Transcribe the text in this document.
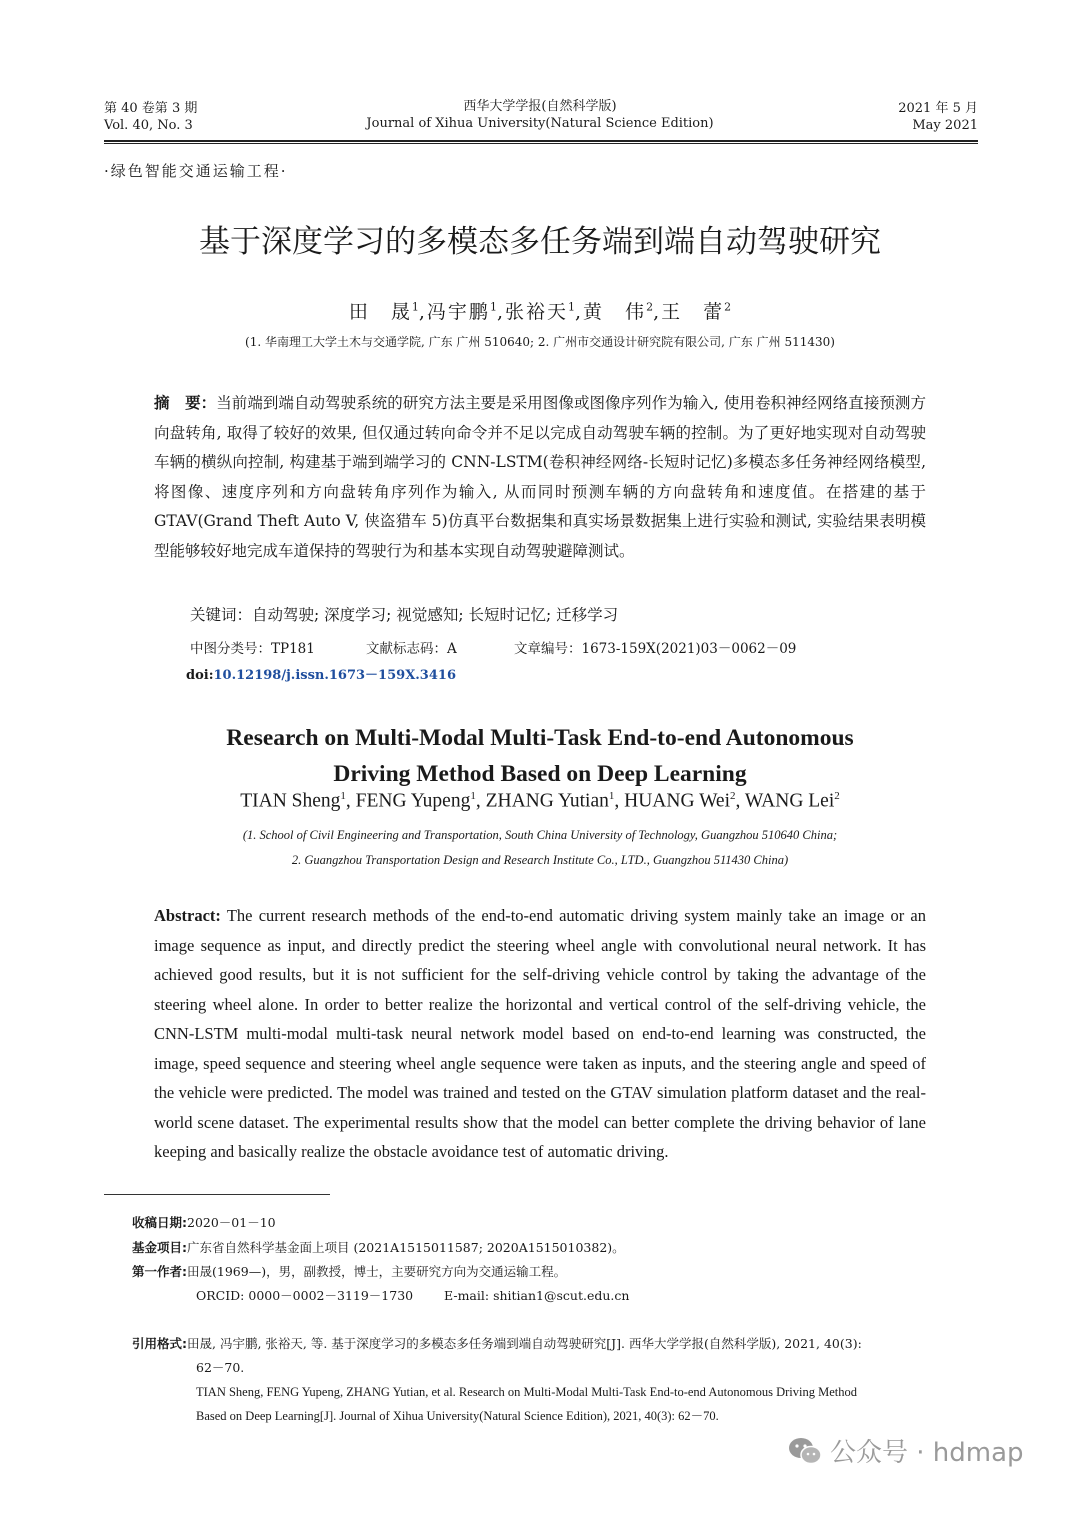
第 40 卷第 3 期
Vol. 40, No. 3
西华大学学报(自然科学版)
Journal of Xihua University(Natural Science Edition)
2021 年 5 月
May 2021
·绿色智能交通运输工程·
基于深度学习的多模态多任务端到端自动驾驶研究
田　晟$^1$,冯宇鹏$^1$,张裕天$^1$,黄　伟$^2$,王　蕾$^2$
(1. 华南理工大学土木与交通学院, 广东 广州 510640; 2. 广州市交通设计研究院有限公司, 广东 广州 511430)
摘　要：当前端到端自动驾驶系统的研究方法主要是采用图像或图像序列作为输入, 使用卷积神经网络直接预测方向盘转角, 取得了较好的效果, 但仅通过转向命令并不足以完成自动驾驶车辆的控制。为了更好地实现对自动驾驶车辆的横纵向控制, 构建基于端到端学习的 CNN-LSTM(卷积神经网络-长短时记忆)多模态多任务神经网络模型, 将图像、速度序列和方向盘转角序列作为输入, 从而同时预测车辆的方向盘转角和速度值。在搭建的基于 GTAV(Grand Theft Auto V, 侠盗猎车 5)仿真平台数据集和真实场景数据集上进行实验和测试, 实验结果表明模型能够较好地完成车道保持的驾驶行为和基本实现自动驾驶避障测试。
关键词：自动驾驶; 深度学习; 视觉感知; 长短时记忆; 迁移学习
中图分类号：TP181	文献标志码：A	文章编号：1673-159X(2021)03－0062－09
doi:10.12198/j.issn.1673－159X.3416
Research on Multi-Modal Multi-Task End-to-end Autonomous
Driving Method Based on Deep Learning
TIAN Sheng$^1$, FENG Yupeng$^1$, ZHANG Yutian$^1$, HUANG Wei$^2$, WANG Lei$^2$
(1. School of Civil Engineering and Transportation, South China University of Technology, Guangzhou 510640 China;
2. Guangzhou Transportation Design and Research Institute Co., LTD., Guangzhou 511430 China)
Abstract: The current research methods of the end-to-end automatic driving system mainly take an image or an image sequence as input, and directly predict the steering wheel angle with convolutional neural network. It has achieved good results, but it is not sufficient for the self-driving vehicle control by taking the advantage of the steering wheel alone. In order to better realize the horizontal and vertical control of the self-driving vehicle, the CNN-LSTM multi-modal multi-task neural network model based on end-to-end learning was constructed, the image, speed sequence and steering wheel angle sequence were taken as inputs, and the steering angle and speed of the vehicle were predicted. The model was trained and tested on the GTAV simulation platform dataset and the real-world scene dataset. The experimental results show that the model can better complete the driving behavior of lane keeping and basically realize the obstacle avoidance test of automatic driving.
收稿日期:2020－01－10
基金项目:广东省自然科学基金面上项目 (2021A1515011587; 2020A1515010382)。
第一作者:田晟(1969—)，男，副教授，博士，主要研究方向为交通运输工程。
ORCID: 0000－0002－3119－1730 E-mail: shitian1@scut.edu.cn
引用格式:田晟, 冯宇鹏, 张裕天, 等. 基于深度学习的多模态多任务端到端自动驾驶研究[J]. 西华大学学报(自然科学版), 2021, 40(3):
62－70.
TIAN Sheng, FENG Yupeng, ZHANG Yutian, et al. Research on Multi-Modal Multi-Task End-to-end Autonomous Driving Method
Based on Deep Learning[J]. Journal of Xihua University(Natural Science Edition), 2021, 40(3): 62－70.
公众号 · hdmap
